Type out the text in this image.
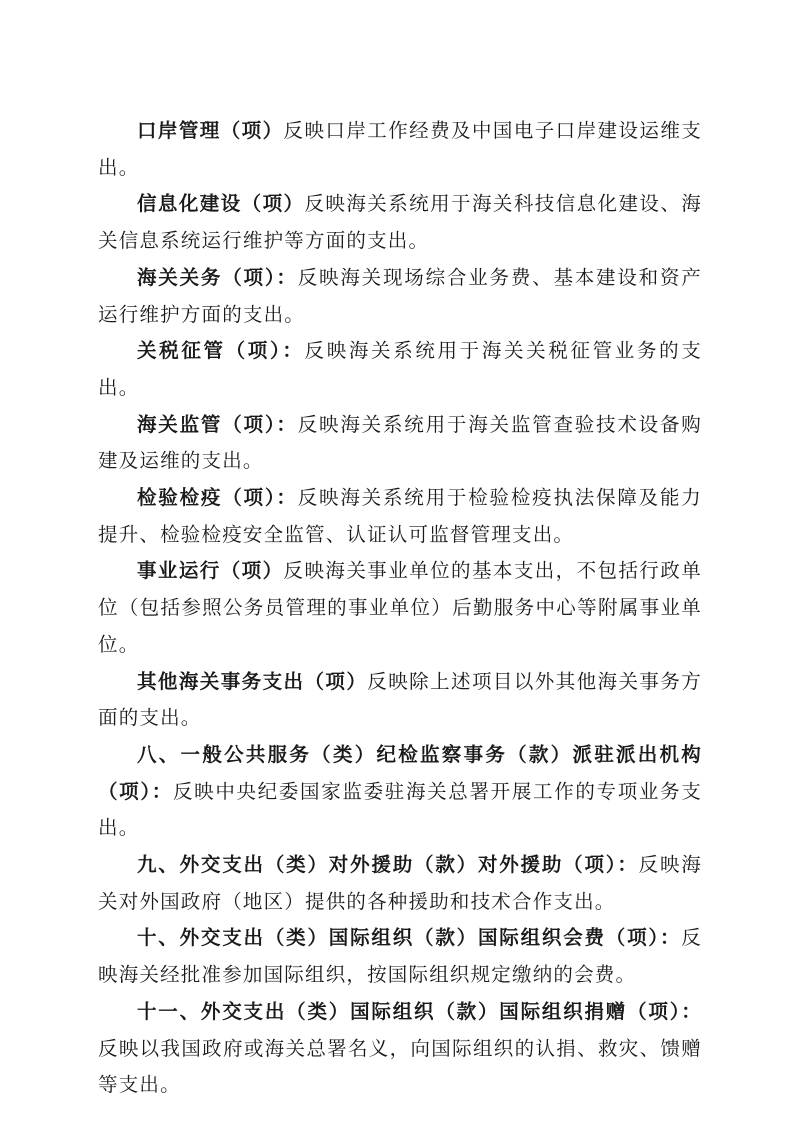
口岸管理（项）反映口岸工作经费及中国电子口岸建设运维支出。

信息化建设（项）反映海关系统用于海关科技信息化建设、海关信息系统运行维护等方面的支出。

海关关务（项）：反映海关现场综合业务费、基本建设和资产运行维护方面的支出。

关税征管（项）：反映海关系统用于海关关税征管业务的支出。

海关监管（项）：反映海关系统用于海关监管查验技术设备购建及运维的支出。

检验检疫（项）：反映海关系统用于检验检疫执法保障及能力提升、检验检疫安全监管、认证认可监督管理支出。

事业运行（项）反映海关事业单位的基本支出，不包括行政单位（包括参照公务员管理的事业单位）后勤服务中心等附属事业单位。

其他海关事务支出（项）反映除上述项目以外其他海关事务方面的支出。

八、一般公共服务（类）纪检监察事务（款）派驻派出机构（项）：反映中央纪委国家监委驻海关总署开展工作的专项业务支出。

九、外交支出（类）对外援助（款）对外援助（项）：反映海关对外国政府（地区）提供的各种援助和技术合作支出。

十、外交支出（类）国际组织（款）国际组织会费（项）：反映海关经批准参加国际组织，按国际组织规定缴纳的会费。

十一、外交支出（类）国际组织（款）国际组织捐赠（项）：反映以我国政府或海关总署名义，向国际组织的认捐、救灾、馈赠等支出。
